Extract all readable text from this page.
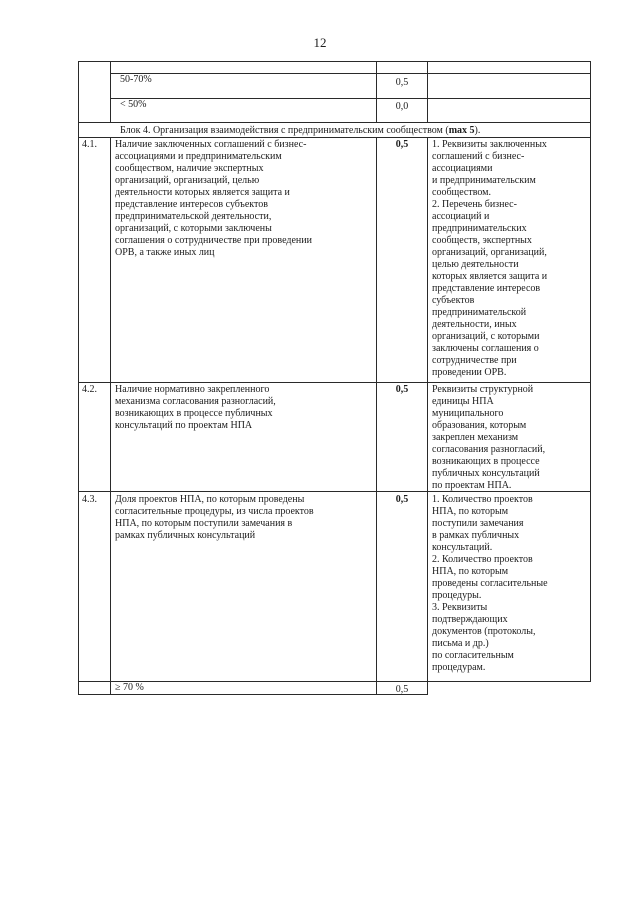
12
50-70%	0,5
< 50%	0,0
Блок 4. Организация взаимодействия с предпринимательским сообществом (max 5).
4.1. Наличие заключенных соглашений с бизнес-
ассоциациями и предпринимательским
сообществом, наличие экспертных
организаций, организаций, целью
деятельности которых является защита и
представление интересов субъектов
предпринимательской деятельности,
организаций, с которыми заключены
соглашения о сотрудничестве при проведении
ОРВ, а также иных лиц
0,5	1. Реквизиты заключенных
соглашений с бизнес-
ассоциациями
и предпринимательским
сообществом.
2. Перечень бизнес-
ассоциаций и
предпринимательских
сообществ, экспертных
организаций, организаций,
целью деятельности
которых является защита и
представление интересов
субъектов
предпринимательской
деятельности, иных
организаций, с которыми
заключены соглашения о
сотрудничестве при
проведении ОРВ.
4.2. Наличие нормативно закрепленного
механизма согласования разногласий,
возникающих в процессе публичных
консультаций по проектам НПА
0,5	Реквизиты структурной
единицы НПА
муниципального
образования, которым
закреплен механизм
согласования разногласий,
возникающих в процессе
публичных консультаций
по проектам НПА.
4.3. Доля проектов НПА, по которым проведены
согласительные процедуры, из числа проектов
НПА, по которым поступили замечания в
рамках публичных консультаций
0,5	1. Количество проектов
НПА, по которым
поступили замечания
в рамках публичных
консультаций.
2. Количество проектов
НПА, по которым
проведены согласительные
процедуры.
3. Реквизиты
подтверждающих
документов (протоколы,
письма и др.)
по согласительным
процедурам.
≥ 70 %	0,5
